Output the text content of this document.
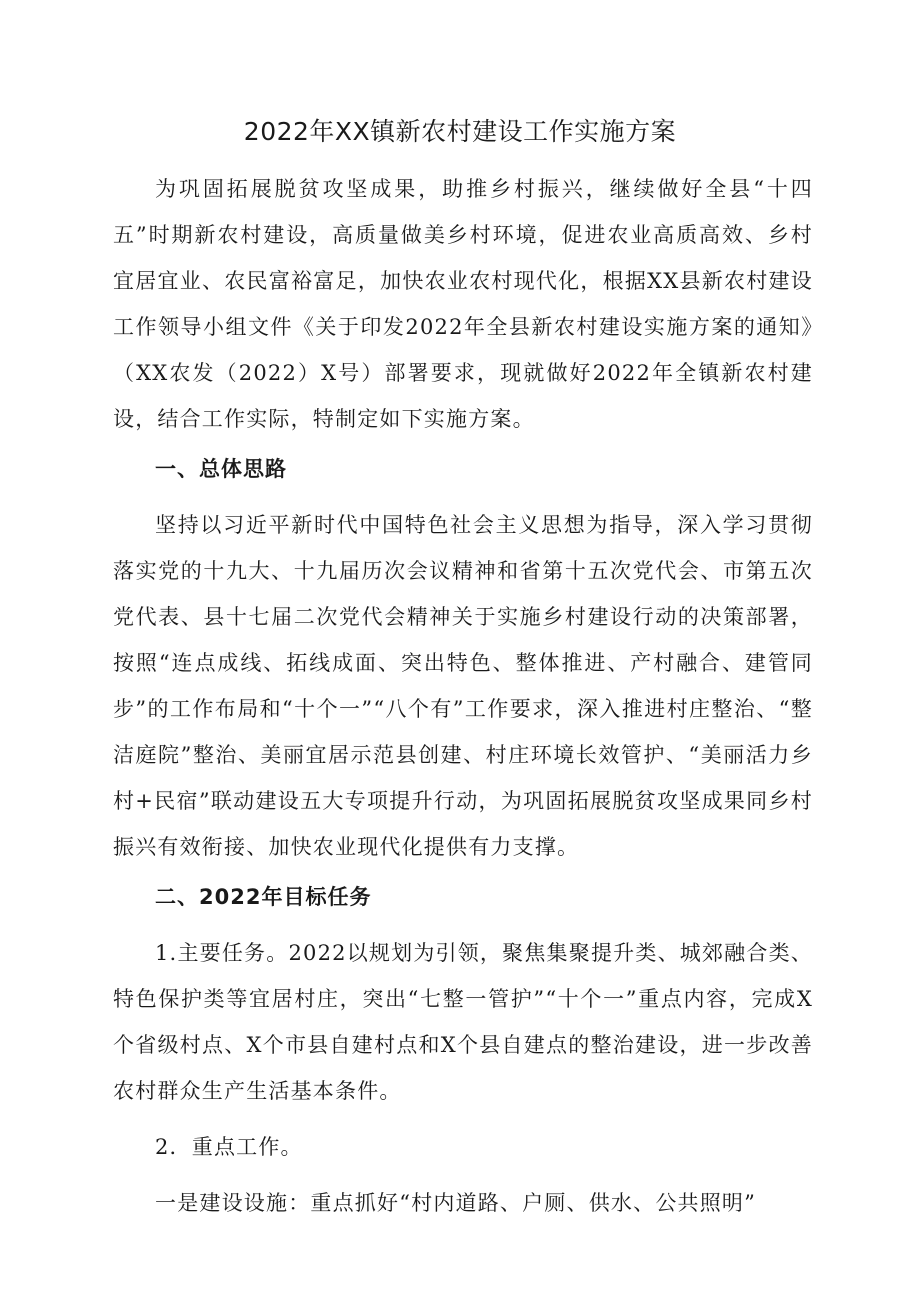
2022年XX镇新农村建设工作实施方案

为巩固拓展脱贫攻坚成果，助推乡村振兴，继续做好全县“十四五”时期新农村建设，高质量做美乡村环境，促进农业高质高效、乡村宜居宜业、农民富裕富足，加快农业农村现代化，根据XX县新农村建设工作领导小组文件《关于印发2022年全县新农村建设实施方案的通知》（XX农发（2022）X号）部署要求，现就做好2022年全镇新农村建设，结合工作实际，特制定如下实施方案。

一、总体思路

坚持以习近平新时代中国特色社会主义思想为指导，深入学习贯彻落实党的十九大、十九届历次会议精神和省第十五次党代会、市第五次党代表、县十七届二次党代会精神关于实施乡村建设行动的决策部署，按照“连点成线、拓线成面、突出特色、整体推进、产村融合、建管同步”的工作布局和“十个一”“八个有”工作要求，深入推进村庄整治、“整洁庭院”整治、美丽宜居示范县创建、村庄环境长效管护、“美丽活力乡村+民宿”联动建设五大专项提升行动，为巩固拓展脱贫攻坚成果同乡村振兴有效衔接、加快农业现代化提供有力支撑。

二、2022年目标任务

1.主要任务。2022以规划为引领，聚焦集聚提升类、城郊融合类、特色保护类等宜居村庄，突出“七整一管护”“十个一”重点内容，完成X个省级村点、X个市县自建村点和X个县自建点的整治建设，进一步改善农村群众生产生活基本条件。

2．重点工作。

一是建设设施：重点抓好“村内道路、户厕、供水、公共照明”
